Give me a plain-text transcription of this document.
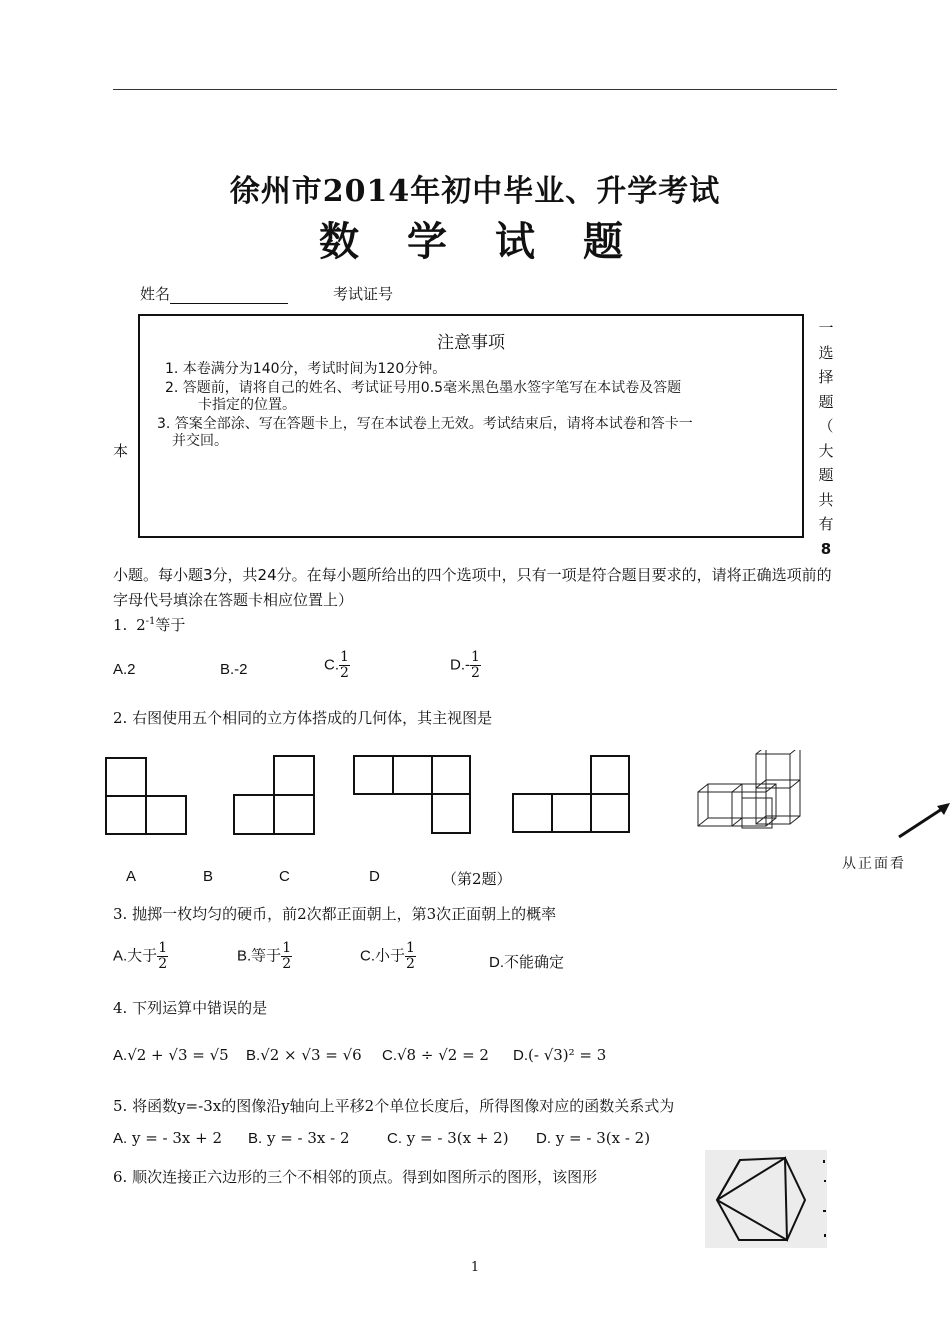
徐州市2014年初中毕业、升学考试
数学试题
姓名	考试证号
注意事项
1. 本卷满分为140分，考试时间为120分钟。
2. 答题前，请将自己的姓名、考试证号用0.5毫米黑色墨水签字笔写在本试卷及答题
卡指定的位置。
3. 答案全部涂、写在答题卡上，写在本试卷上无效。考试结束后，请将本试卷和答卡一
并交回。
本
一
选
择
题
（
大
题
共
有
8
小题。每小题3分，共24分。在每小题所给出的四个选项中，只有一项是符合题目要求的，请将正确选项前的字母代号填涂在答题卡相应位置上）
1. $2^{-1}$等于
A.2	B.-2	C. $\frac{1}{2}$	$D.- \frac{1}{2}$
2. 右图使用五个相同的立方体搭成的几何体，其主视图是
从正面看
A	B	C	D	（第2题）
3. 抛掷一枚均匀的硬币，前2次都正面朝上，第3次正面朝上的概率
A.大于 $\frac{1}{2}$	B.等于 $\frac{1}{2}$	C.小于 $\frac{1}{2}$	D.不能确定
4. 下列运算中错误的是
A.√2 + √3 = √5 B.√2 × √3 = √6 C.√8 ÷ √2 = 2 D.(- √3)² = 3
5. 将函数y=-3x的图像沿y轴向上平移2个单位长度后，所得图像对应的函数关系式为
A. y = - 3x + 2 B. y = - 3x - 2 C. y = - 3(x + 2) D. y = - 3(x - 2)
6. 顺次连接正六边形的三个不相邻的顶点。得到如图所示的图形，该图形
1
